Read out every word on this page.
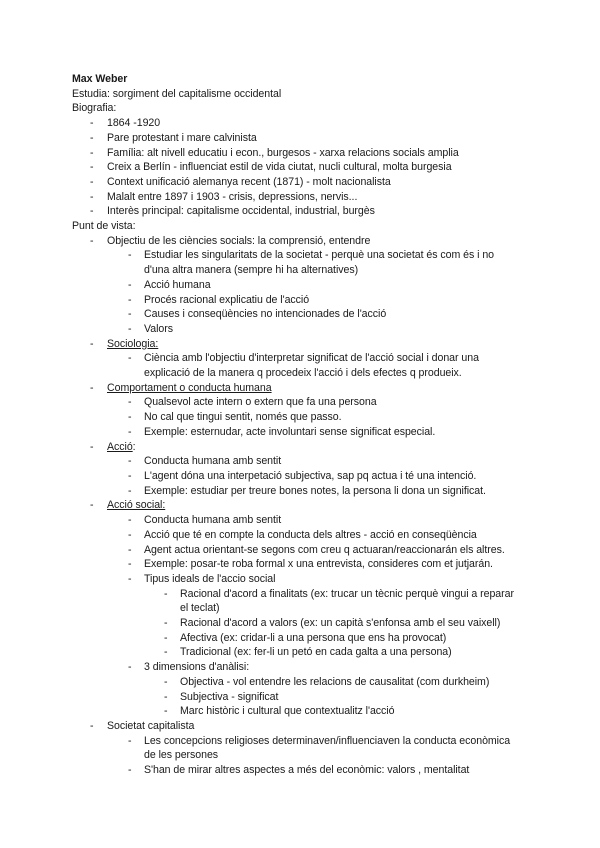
Max Weber
Estudia: sorgiment del capitalisme occidental
Biografia:
- 1864 -1920
- Pare protestant i mare calvinista
- Família: alt nivell educatiu i econ., burgesos - xarxa relacions socials amplia
- Creix a Berlín - influenciat estil de vida ciutat, nucli cultural, molta burgesia
- Context unificació alemanya recent (1871) - molt nacionalista
- Malalt entre 1897 i 1903 - crisis, depressions, nervis...
- Interès principal: capitalisme occidental, industrial, burgès
Punt de vista:
- Objectiu de les ciències socials: la comprensió, entendre
- Estudiar les singularitats de la societat - perquè una societat és com és i no d'una altra manera (sempre hi ha alternatives)
- Acció humana
- Procés racional explicatiu de l'acció
- Causes i conseqüències no intencionades de l'acció
- Valors
- Sociologia:
- Ciència amb l'objectiu d'interpretar significat de l'acció social i donar una explicació de la manera q procedeix l'acció i dels efectes q produeix.
- Comportament o conducta humana
- Qualsevol acte intern o extern que fa una persona
- No cal que tingui sentit, només que passo.
- Exemple: esternudar, acte involuntari sense significat especial.
- Acció:
- Conducta humana amb sentit
- L'agent dóna una interpetació subjectiva, sap pq actua i té una intenció.
- Exemple: estudiar per treure bones notes, la persona li dona un significat.
- Acció social:
- Conducta humana amb sentit
- Acció que té en compte la conducta dels altres - acció en conseqüència
- Agent actua orientant-se segons com creu q actuaran/reaccionarán els altres.
- Exemple: posar-te roba formal x una entrevista, consideres com et jutjarán.
- Tipus ideals de l'accio social
- Racional d'acord a finalitats (ex: trucar un tècnic perquè vingui a reparar el teclat)
- Racional d'acord a valors (ex: un capità s'enfonsa amb el seu vaixell)
- Afectiva (ex: cridar-li a una persona que ens ha provocat)
- Tradicional (ex: fer-li un petó en cada galta a una persona)
- 3 dimensions d'anàlisi:
- Objectiva - vol entendre les relacions de causalitat (com durkheim)
- Subjectiva - significat
- Marc històric i cultural que contextualitz l'acció
- Societat capitalista
- Les concepcions religioses determinaven/influenciaven la conducta econòmica de les persones
- S'han de mirar altres aspectes a més del econòmic: valors , mentalitat
